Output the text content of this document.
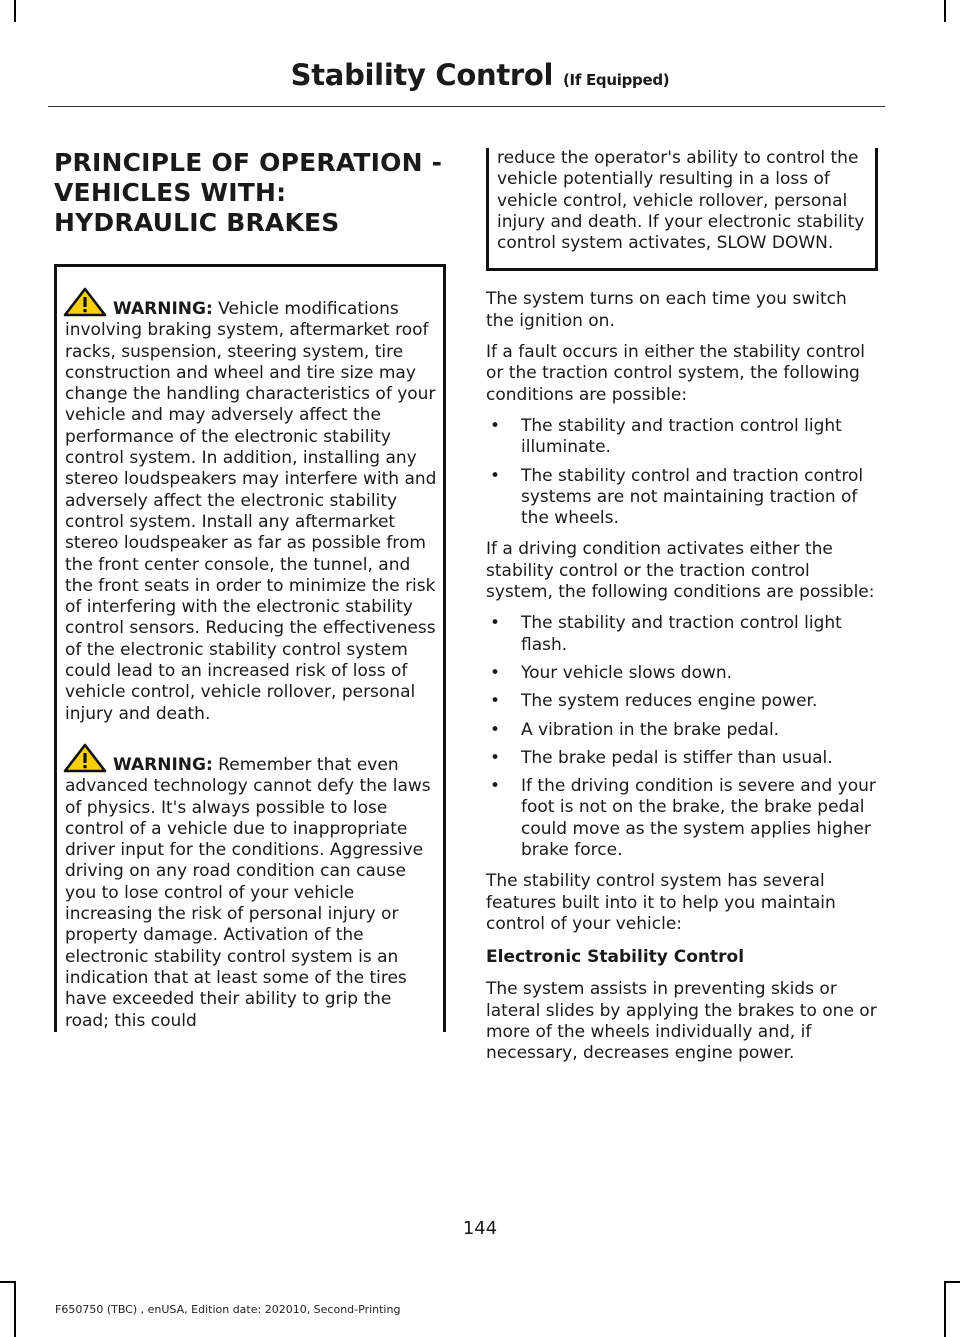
Stability Control (If Equipped)
PRINCIPLE OF OPERATION - VEHICLES WITH: HYDRAULIC BRAKES

WARNING: Vehicle modifications involving braking system, aftermarket roof racks, suspension, steering system, tire construction and wheel and tire size may change the handling characteristics of your vehicle and may adversely affect the performance of the electronic stability control system. In addition, installing any stereo loudspeakers may interfere with and adversely affect the electronic stability control system. Install any aftermarket stereo loudspeaker as far as possible from the front center console, the tunnel, and the front seats in order to minimize the risk of interfering with the electronic stability control sensors. Reducing the effectiveness of the electronic stability control system could lead to an increased risk of loss of vehicle control, vehicle rollover, personal injury and death.

WARNING: Remember that even advanced technology cannot defy the laws of physics. It's always possible to lose control of a vehicle due to inappropriate driver input for the conditions. Aggressive driving on any road condition can cause you to lose control of your vehicle increasing the risk of personal injury or property damage. Activation of the electronic stability control system is an indication that at least some of the tires have exceeded their ability to grip the road; this could

reduce the operator's ability to control the vehicle potentially resulting in a loss of vehicle control, vehicle rollover, personal injury and death. If your electronic stability control system activates, SLOW DOWN.

The system turns on each time you switch the ignition on.

If a fault occurs in either the stability control or the traction control system, the following conditions are possible:

• The stability and traction control light illuminate.
• The stability control and traction control systems are not maintaining traction of the wheels.

If a driving condition activates either the stability control or the traction control system, the following conditions are possible:

• The stability and traction control light flash.
• Your vehicle slows down.
• The system reduces engine power.
• A vibration in the brake pedal.
• The brake pedal is stiffer than usual.
• If the driving condition is severe and your foot is not on the brake, the brake pedal could move as the system applies higher brake force.

The stability control system has several features built into it to help you maintain control of your vehicle:

Electronic Stability Control

The system assists in preventing skids or lateral slides by applying the brakes to one or more of the wheels individually and, if necessary, decreases engine power.

144
F650750 (TBC) , enUSA, Edition date: 202010, Second-Printing
